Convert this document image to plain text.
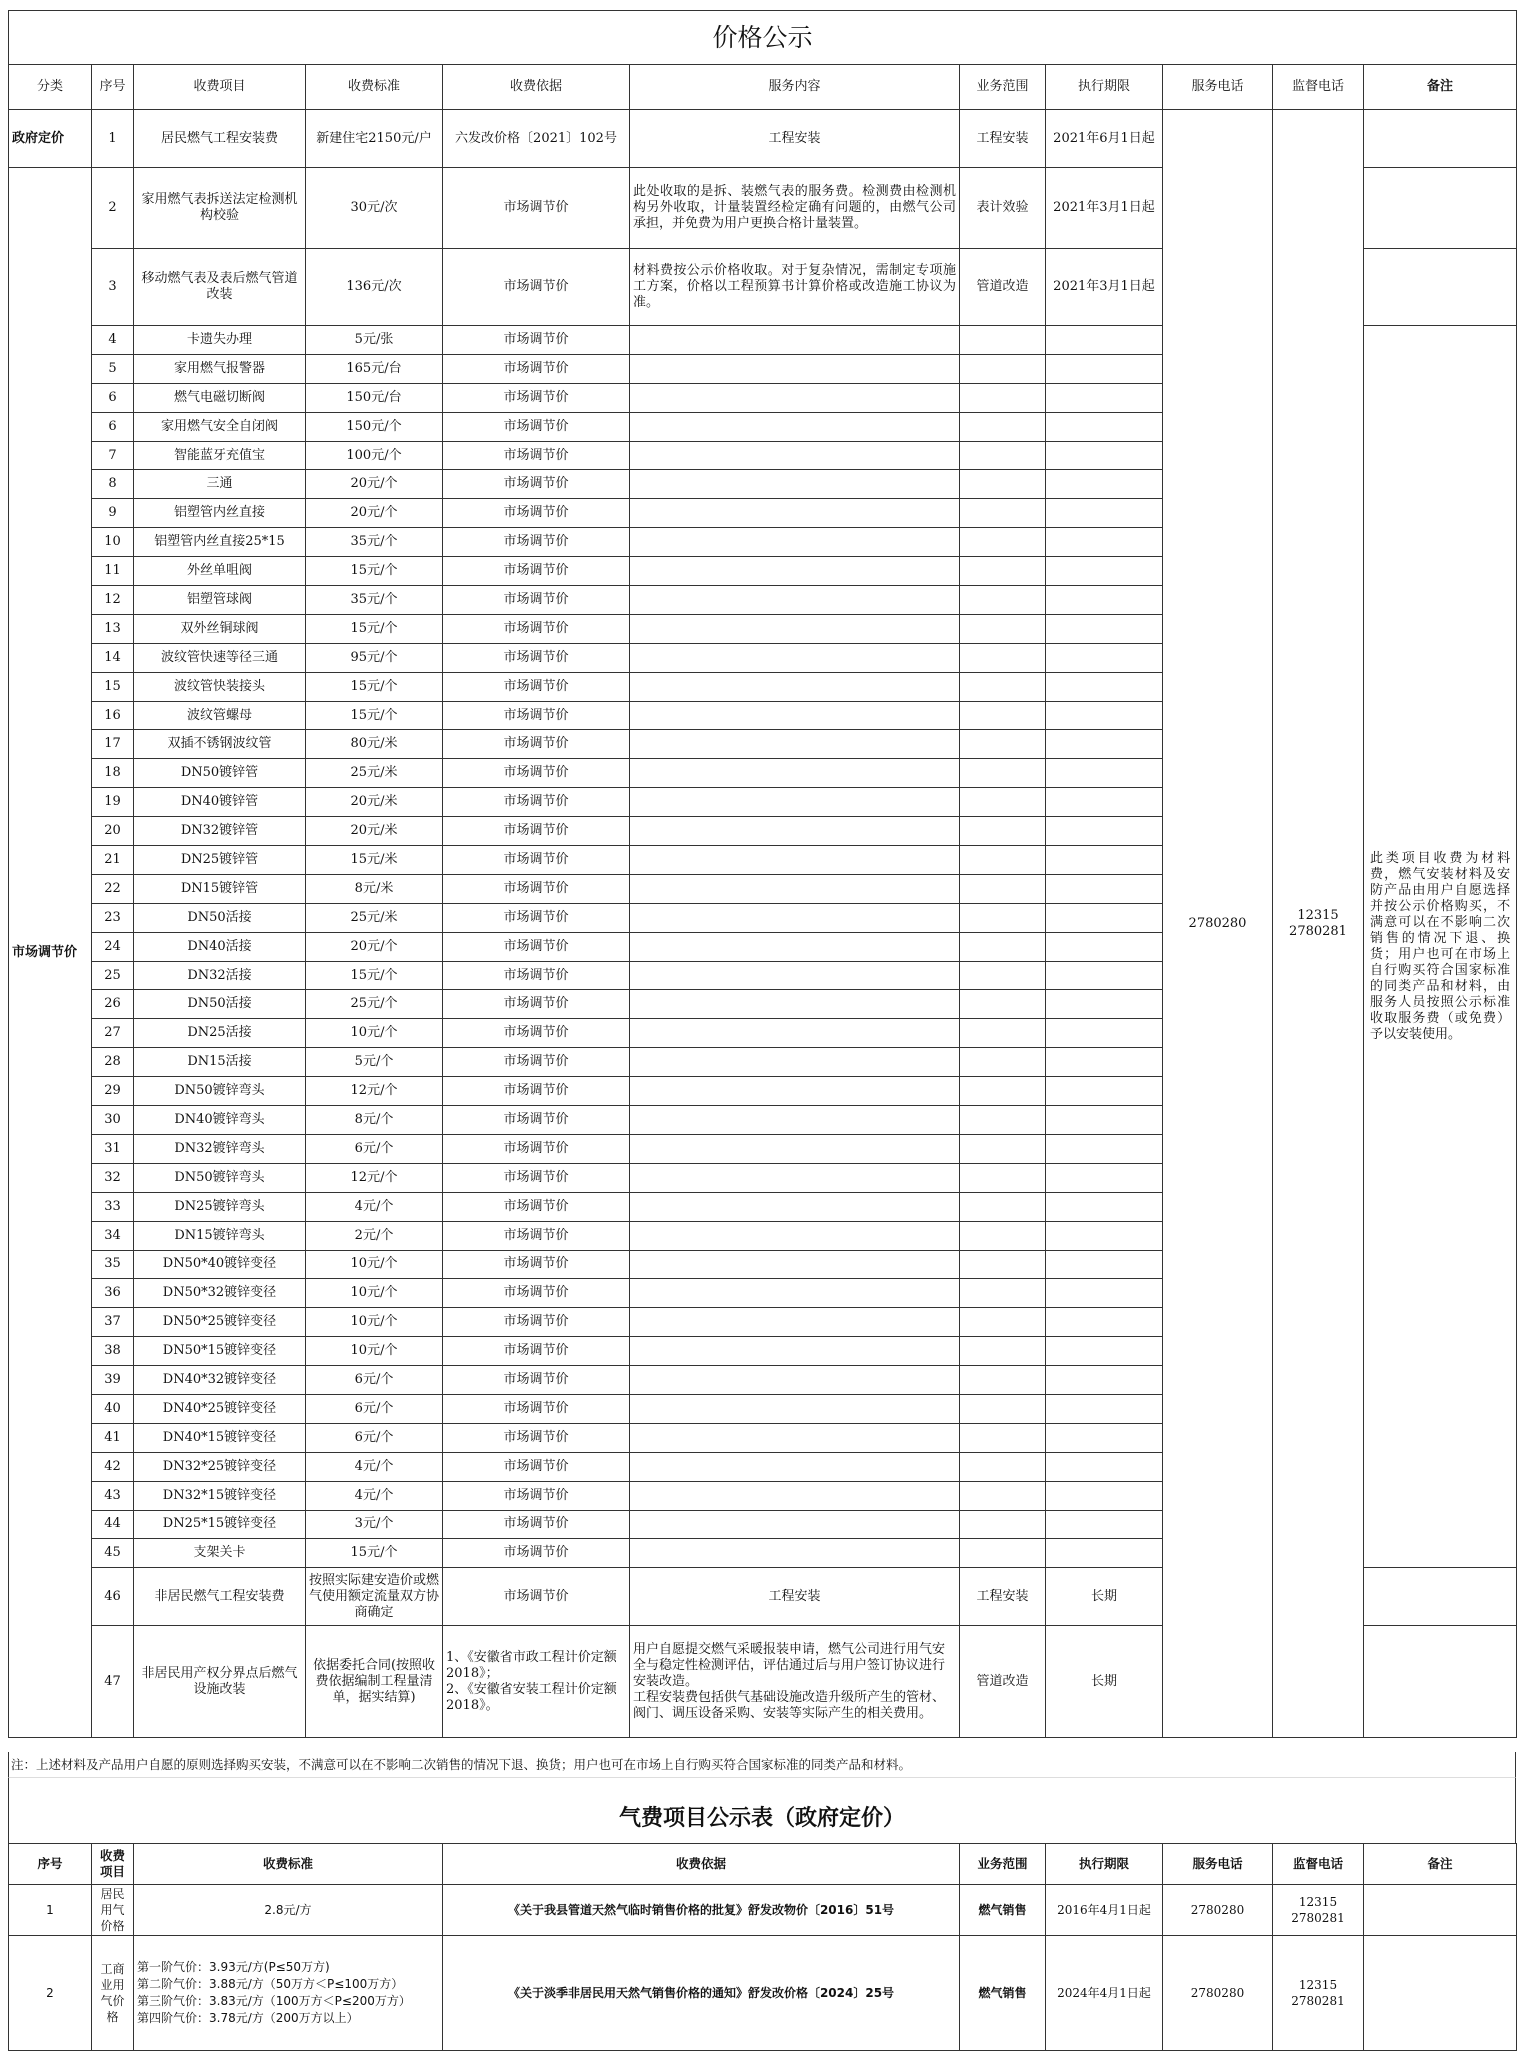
价格公示										
分类	序号	收费项目	收费标准	收费依据	服务内容	业务范围	执行期限	服务电话	监督电话	备注
政府定价	1	居民燃气工程安装费	新建住宅2150元/户	六发改价格〔2021〕102号	工程安装	工程安装	2021年6月1日起	2780280	12315
2780281	
市场调节价	2	家用燃气表拆送法定检测机构校验	30元/次	市场调节价	此处收取的是拆、装燃气表的服务费。检测费由检测机构另外收取，计量装置经检定确有问题的，由燃气公司承担，并免费为用户更换合格计量装置。	表计效验	2021年3月1日起			
	3	移动燃气表及表后燃气管道改装	136元/次	市场调节价	材料费按公示价格收取。对于复杂情况，需制定专项施工方案，价格以工程预算书计算价格或改造施工协议为准。	管道改造	2021年3月1日起			
	4	卡遗失办理	5元/张	市场调节价						此类项目收费为材料费，燃气安装材料及安防产品由用户自愿选择并按公示价格购买，不满意可以在不影响二次销售的情况下退、换货；用户也可在市场上自行购买符合国家标准的同类产品和材料，由服务人员按照公示标准收取服务费（或免费）予以安装使用。
	5	家用燃气报警器	165元/台	市场调节价						
	6	燃气电磁切断阀	150元/台	市场调节价						
	6	家用燃气安全自闭阀	150元/个	市场调节价						
	7	智能蓝牙充值宝	100元/个	市场调节价						
	8	三通	20元/个	市场调节价						
	9	铝塑管内丝直接	20元/个	市场调节价						
	10	铝塑管内丝直接25*15	35元/个	市场调节价						
	11	外丝单咀阀	15元/个	市场调节价						
	12	铝塑管球阀	35元/个	市场调节价						
	13	双外丝铜球阀	15元/个	市场调节价						
	14	波纹管快速等径三通	95元/个	市场调节价						
	15	波纹管快装接头	15元/个	市场调节价						
	16	波纹管螺母	15元/个	市场调节价						
	17	双插不锈钢波纹管	80元/米	市场调节价						
	18	DN50镀锌管	25元/米	市场调节价						
	19	DN40镀锌管	20元/米	市场调节价						
	20	DN32镀锌管	20元/米	市场调节价						
	21	DN25镀锌管	15元/米	市场调节价						
	22	DN15镀锌管	8元/米	市场调节价						
	23	DN50活接	25元/米	市场调节价						
	24	DN40活接	20元/个	市场调节价						
	25	DN32活接	15元/个	市场调节价						
	26	DN50活接	25元/个	市场调节价						
	27	DN25活接	10元/个	市场调节价						
	28	DN15活接	5元/个	市场调节价						
	29	DN50镀锌弯头	12元/个	市场调节价						
	30	DN40镀锌弯头	8元/个	市场调节价						
	31	DN32镀锌弯头	6元/个	市场调节价						
	32	DN50镀锌弯头	12元/个	市场调节价						
	33	DN25镀锌弯头	4元/个	市场调节价						
	34	DN15镀锌弯头	2元/个	市场调节价						
	35	DN50*40镀锌变径	10元/个	市场调节价						
	36	DN50*32镀锌变径	10元/个	市场调节价						
	37	DN50*25镀锌变径	10元/个	市场调节价						
	38	DN50*15镀锌变径	10元/个	市场调节价						
	39	DN40*32镀锌变径	6元/个	市场调节价						
	40	DN40*25镀锌变径	6元/个	市场调节价						
	41	DN40*15镀锌变径	6元/个	市场调节价						
	42	DN32*25镀锌变径	4元/个	市场调节价						
	43	DN32*15镀锌变径	4元/个	市场调节价						
	44	DN25*15镀锌变径	3元/个	市场调节价						
	45	支架关卡	15元/个	市场调节价						
	46	非居民燃气工程安装费	按照实际建安造价或燃气使用额定流量双方协商确定	市场调节价	工程安装	工程安装	长期			
	47	非居民用产权分界点后燃气设施改装	依据委托合同(按照收费依据编制工程量清单，据实结算)	1、《安徽省市政工程计价定额2018》；
2、《安徽省安装工程计价定额2018》。	用户自愿提交燃气采暖报装申请，燃气公司进行用气安全与稳定性检测评估，评估通过后与用户签订协议进行安装改造。
工程安装费包括供气基础设施改造升级所产生的管材、阀门、调压设备采购、安装等实际产生的相关费用。	管道改造	长期			
注：上述材料及产品用户自愿的原则选择购买安装，不满意可以在不影响二次销售的情况下退、换货；用户也可在市场上自行购买符合国家标准的同类产品和材料。
气费项目公示表（政府定价）
序号	收费项目	收费标准	收费依据	业务范围	执行期限	服务电话	监督电话	备注
1	居民用气价格	2.8元/方	《关于我县管道天然气临时销售价格的批复》舒发改物价〔2016〕51号	燃气销售	2016年4月1日起	2780280	12315
2780281	
2	工商业用气价格	第一阶气价：3.93元/方(P≤50万方)
第二阶气价：3.88元/方（50万方＜P≤100万方）
第三阶气价：3.83元/方（100万方＜P≤200万方）
第四阶气价：3.78元/方（200万方以上）	《关于淡季非居民用天然气销售价格的通知》舒发改价格〔2024〕25号	燃气销售	2024年4月1日起	2780280	12315
2780281	
